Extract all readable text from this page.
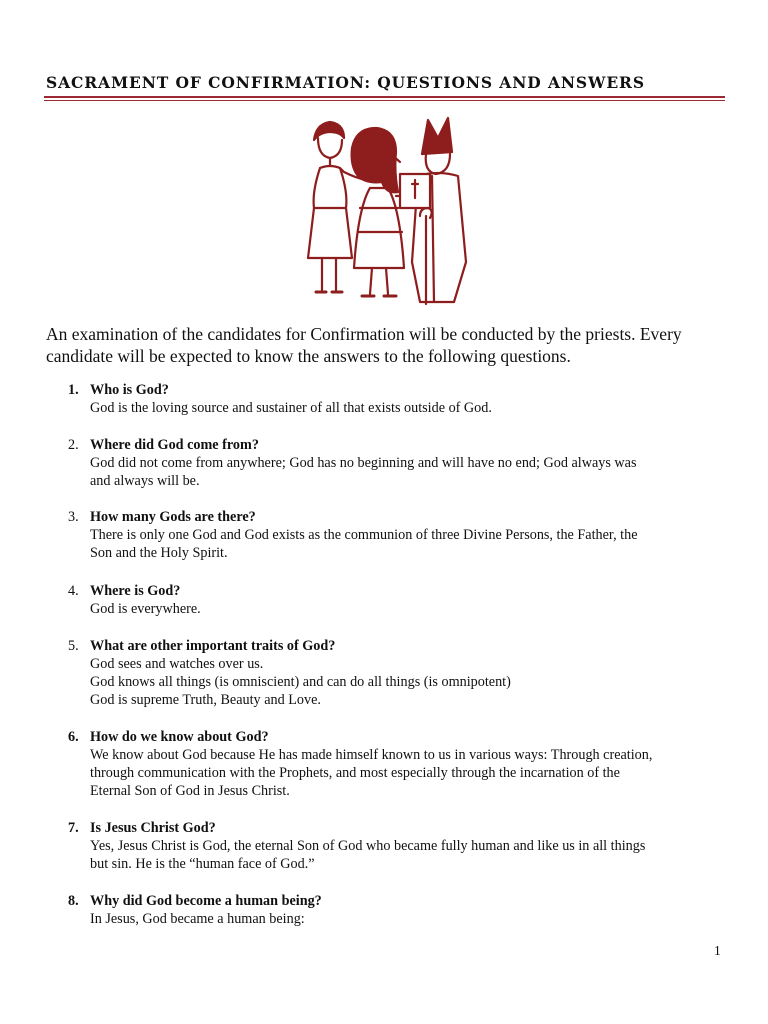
SACRAMENT OF CONFIRMATION: QUESTIONS AND ANSWERS
An examination of the candidates for Confirmation will be conducted by the priests. Every candidate will be expected to know the answers to the following questions.
1. Who is God?
God is the loving source and sustainer of all that exists outside of God.
2. Where did God come from?
God did not come from anywhere; God has no beginning and will have no end; God always was
and always will be.
3. How many Gods are there?
There is only one God and God exists as the communion of three Divine Persons, the Father, the
Son and the Holy Spirit.
4. Where is God?
God is everywhere.
5. What are other important traits of God?
God sees and watches over us.
God knows all things (is omniscient) and can do all things (is omnipotent)
God is supreme Truth, Beauty and Love.
6. How do we know about God?
We know about God because He has made himself known to us in various ways: Through creation,
through communication with the Prophets, and most especially through the incarnation of the
Eternal Son of God in Jesus Christ.
7. Is Jesus Christ God?
Yes, Jesus Christ is God, the eternal Son of God who became fully human and like us in all things
but sin. He is the “human face of God.”
8. Why did God become a human being?
In Jesus, God became a human being:
1
